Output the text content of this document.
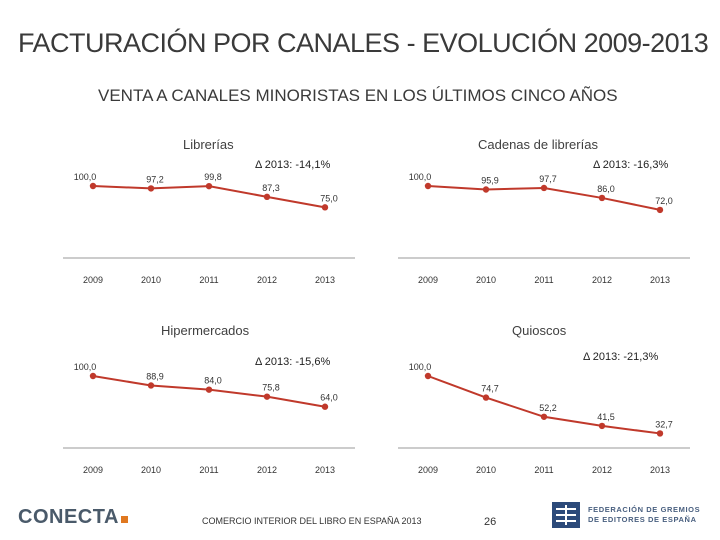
FACTURACIÓN POR CANALES - EVOLUCIÓN 2009-2013
VENTA A CANALES MINORISTAS EN LOS ÚLTIMOS CINCO AÑOS
Librerías
Δ 2013: -14,1%
100,0
2009
97,2
2010
99,8
2011
87,3
2012
75,0
2013
Cadenas de librerías
Δ 2013: -16,3%
100,0
2009
95,9
2010
97,7
2011
86,0
2012
72,0
2013
Hipermercados
Δ 2013: -15,6%
100,0
2009
88,9
2010
84,0
2011
75,8
2012
64,0
2013
Quioscos
Δ 2013: -21,3%
100,0
2009
74,7
2010
52,2
2011
41,5
2012
32,7
2013
CONECTA	COMERCIO INTERIOR DEL LIBRO EN ESPAÑA 2013	26
FEDERACIÓN DE GREMIOS
DE EDITORES DE ESPAÑA
